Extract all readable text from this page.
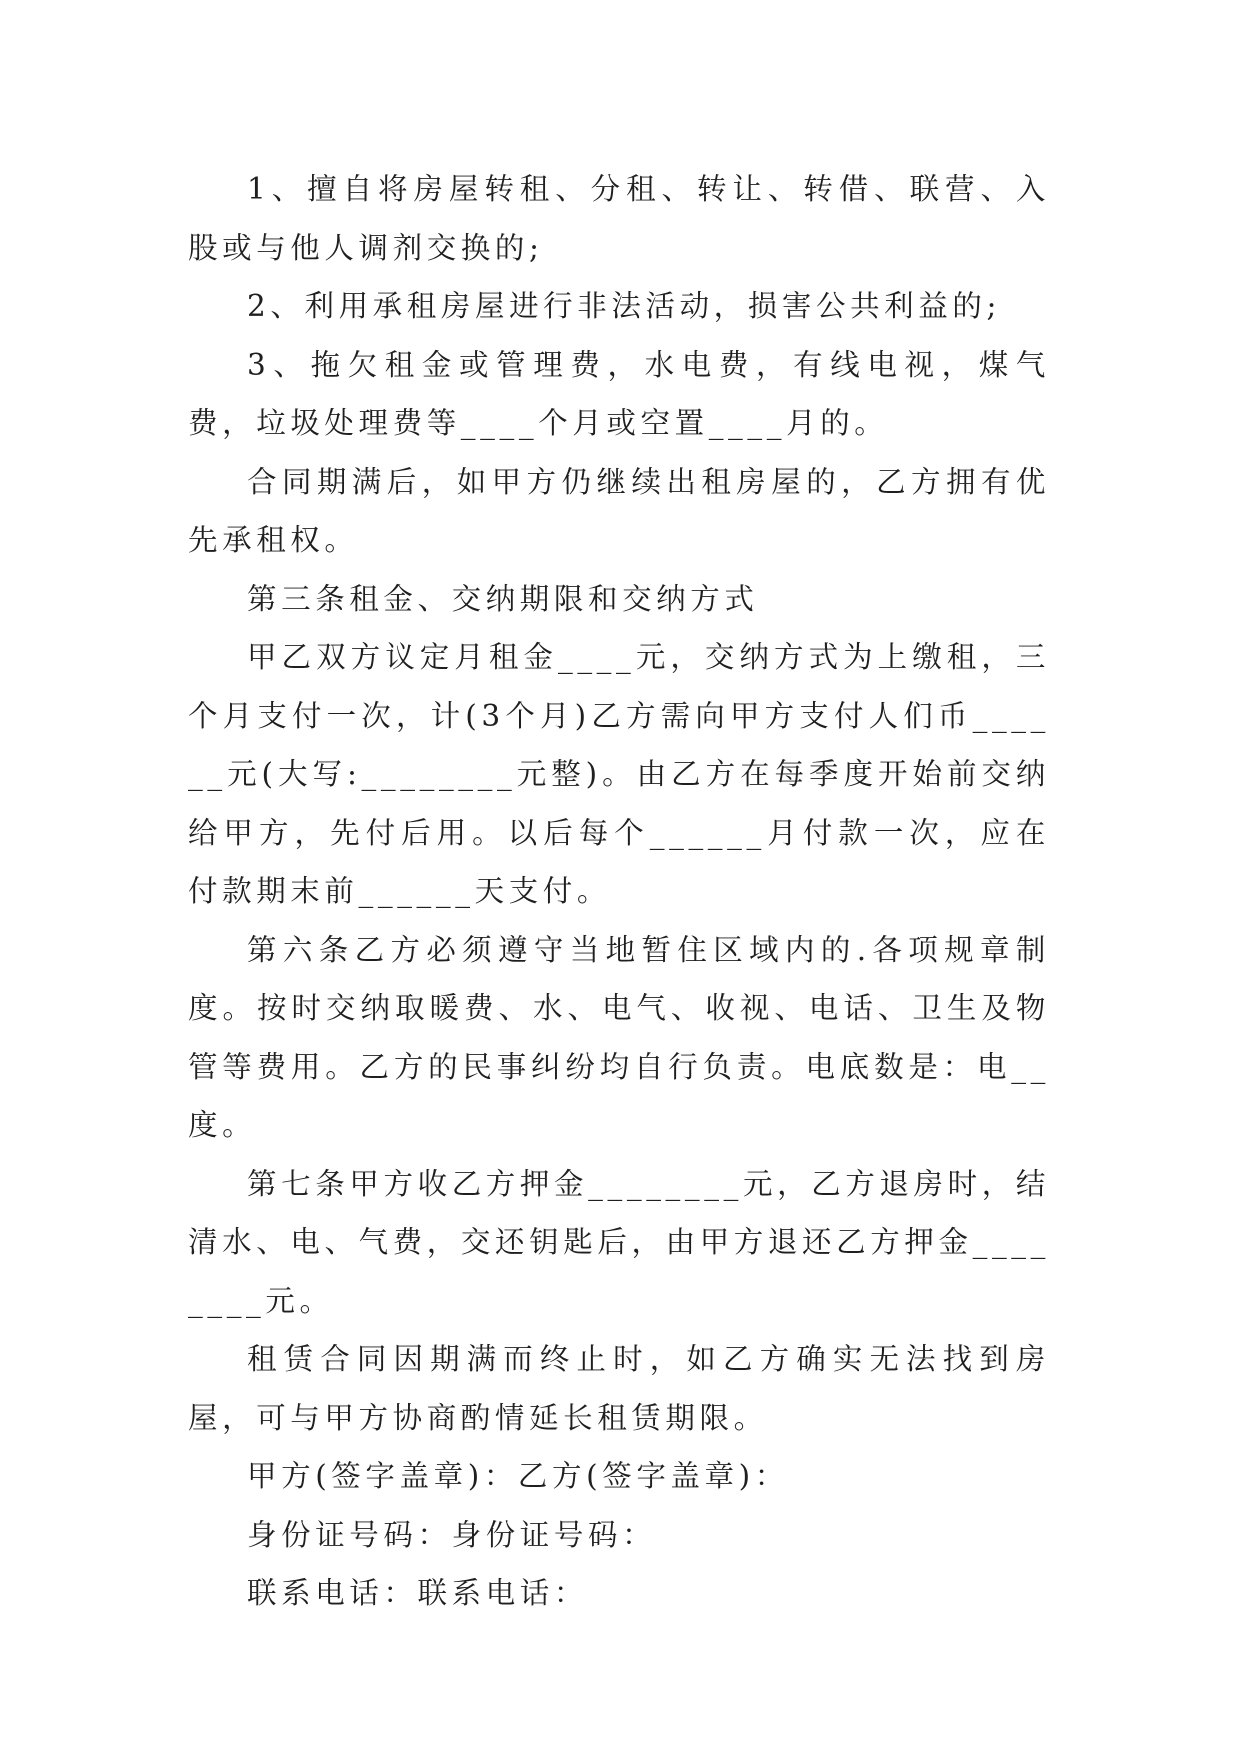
1、擅自将房屋转租、分租、转让、转借、联营、入股或与他人调剂交换的;

2、利用承租房屋进行非法活动，损害公共利益的;

3、拖欠租金或管理费，水电费，有线电视，煤气费，垃圾处理费等____个月或空置____月的。

合同期满后，如甲方仍继续出租房屋的，乙方拥有优先承租权。

第三条租金、交纳期限和交纳方式

甲乙双方议定月租金____元，交纳方式为上缴租，三个月支付一次，计(3个月)乙方需向甲方支付人们币______元(大写:________元整)。由乙方在每季度开始前交纳给甲方，先付后用。以后每个______月付款一次，应在付款期末前______天支付。

第六条乙方必须遵守当地暂住区域内的.各项规章制度。按时交纳取暖费、水、电气、收视、电话、卫生及物管等费用。乙方的民事纠纷均自行负责。电底数是：电__度。

第七条甲方收乙方押金________元，乙方退房时，结清水、电、气费，交还钥匙后，由甲方退还乙方押金________元。

租赁合同因期满而终止时，如乙方确实无法找到房屋，可与甲方协商酌情延长租赁期限。

甲方(签字盖章)：乙方(签字盖章)：

身份证号码：身份证号码：

联系电话：联系电话：
